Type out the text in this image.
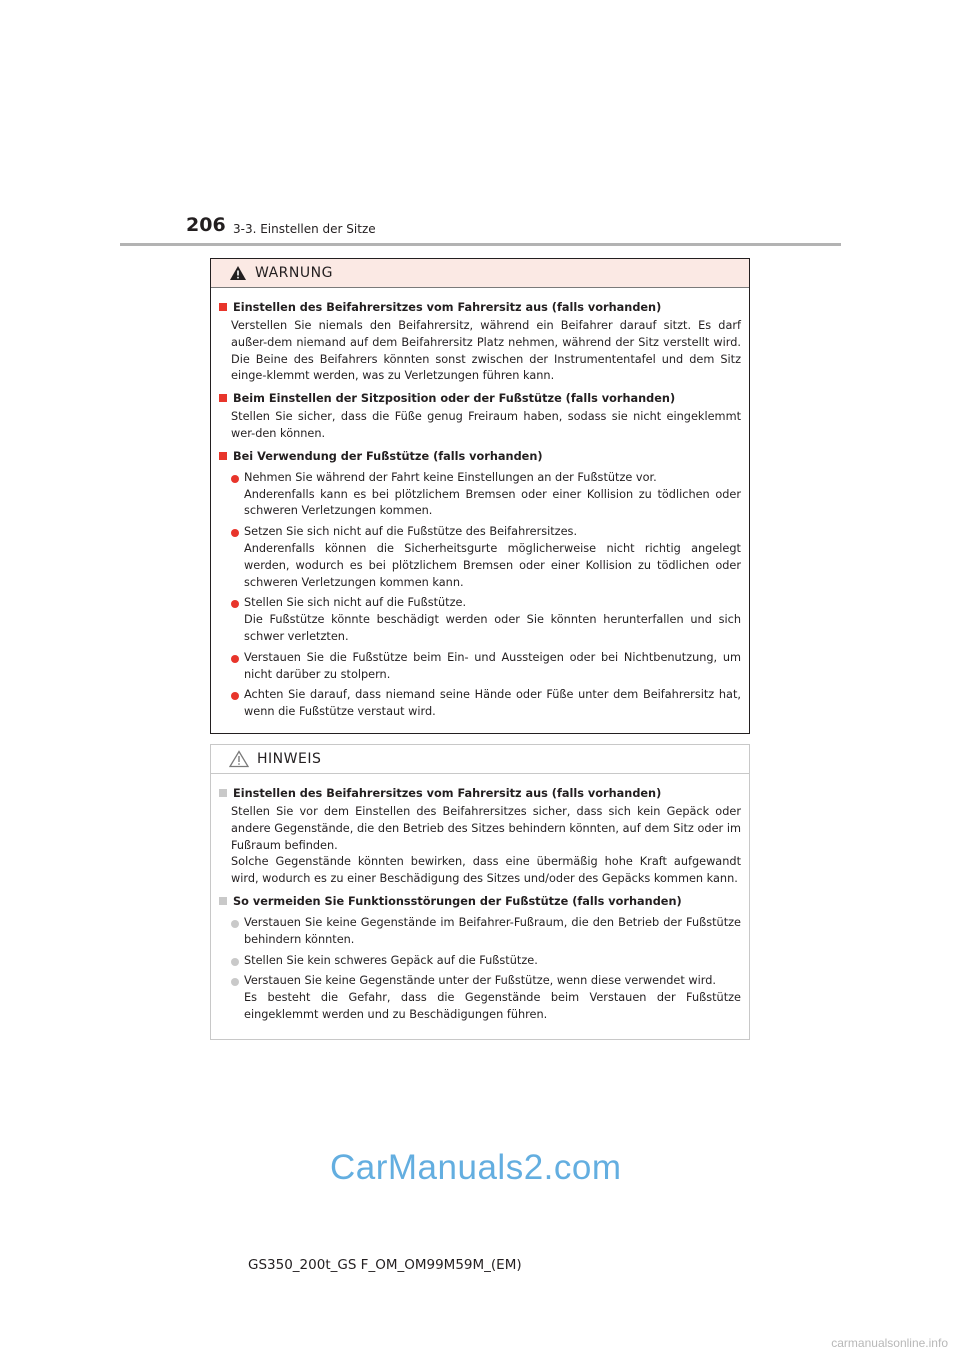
206 3-3. Einstellen der Sitze
WARNUNG
Einstellen des Beifahrersitzes vom Fahrersitz aus (falls vorhanden)
Verstellen Sie niemals den Beifahrersitz, während ein Beifahrer darauf sitzt. Es darf außer-dem niemand auf dem Beifahrersitz Platz nehmen, während der Sitz verstellt wird. Die Beine des Beifahrers könnten sonst zwischen der Instrumententafel und dem Sitz einge-klemmt werden, was zu Verletzungen führen kann.
Beim Einstellen der Sitzposition oder der Fußstütze (falls vorhanden)
Stellen Sie sicher, dass die Füße genug Freiraum haben, sodass sie nicht eingeklemmt wer-den können.
Bei Verwendung der Fußstütze (falls vorhanden)
Nehmen Sie während der Fahrt keine Einstellungen an der Fußstütze vor.
Anderenfalls kann es bei plötzlichem Bremsen oder einer Kollision zu tödlichen oder schweren Verletzungen kommen.
Setzen Sie sich nicht auf die Fußstütze des Beifahrersitzes.
Anderenfalls können die Sicherheitsgurte möglicherweise nicht richtig angelegt werden, wodurch es bei plötzlichem Bremsen oder einer Kollision zu tödlichen oder schweren Verletzungen kommen kann.
Stellen Sie sich nicht auf die Fußstütze.
Die Fußstütze könnte beschädigt werden oder Sie könnten herunterfallen und sich schwer verletzten.
Verstauen Sie die Fußstütze beim Ein- und Aussteigen oder bei Nichtbenutzung, um nicht darüber zu stolpern.
Achten Sie darauf, dass niemand seine Hände oder Füße unter dem Beifahrersitz hat, wenn die Fußstütze verstaut wird.
HINWEIS
Einstellen des Beifahrersitzes vom Fahrersitz aus (falls vorhanden)
Stellen Sie vor dem Einstellen des Beifahrersitzes sicher, dass sich kein Gepäck oder andere Gegenstände, die den Betrieb des Sitzes behindern könnten, auf dem Sitz oder im Fußraum befinden.
Solche Gegenstände könnten bewirken, dass eine übermäßig hohe Kraft aufgewandt wird, wodurch es zu einer Beschädigung des Sitzes und/oder des Gepäcks kommen kann.
So vermeiden Sie Funktionsstörungen der Fußstütze (falls vorhanden)
Verstauen Sie keine Gegenstände im Beifahrer-Fußraum, die den Betrieb der Fußstütze behindern könnten.
Stellen Sie kein schweres Gepäck auf die Fußstütze.
Verstauen Sie keine Gegenstände unter der Fußstütze, wenn diese verwendet wird.
Es besteht die Gefahr, dass die Gegenstände beim Verstauen der Fußstütze eingeklemmt werden und zu Beschädigungen führen.
CarManuals2.com
GS350_200t_GS F_OM_OM99M59M_(EM)
carmanualsonline.info
